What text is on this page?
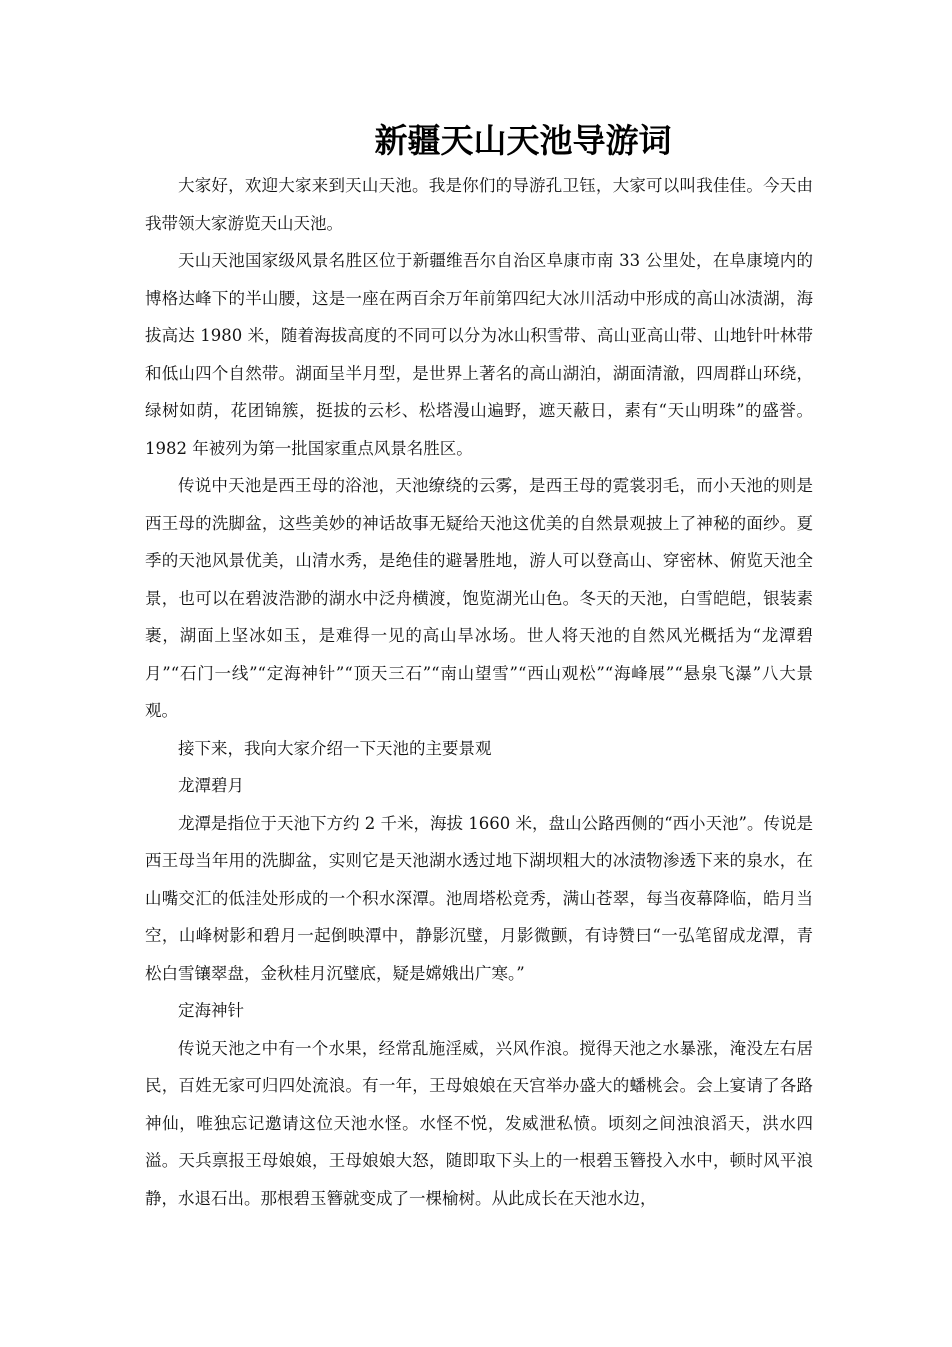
新疆天山天池导游词

大家好，欢迎大家来到天山天池。我是你们的导游孔卫钰，大家可以叫我佳佳。今天由我带领大家游览天山天池。

天山天池国家级风景名胜区位于新疆维吾尔自治区阜康市南 33 公里处，在阜康境内的博格达峰下的半山腰，这是一座在两百余万年前第四纪大冰川活动中形成的高山冰渍湖，海拔高达 1980 米，随着海拔高度的不同可以分为冰山积雪带、高山亚高山带、山地针叶林带和低山四个自然带。湖面呈半月型，是世界上著名的高山湖泊，湖面清澈，四周群山环绕，绿树如荫，花团锦簇，挺拔的云杉、松塔漫山遍野，遮天蔽日，素有“天山明珠”的盛誉。1982 年被列为第一批国家重点风景名胜区。

传说中天池是西王母的浴池，天池缭绕的云雾，是西王母的霓裳羽毛，而小天池的则是西王母的洗脚盆，这些美妙的神话故事无疑给天池这优美的自然景观披上了神秘的面纱。夏季的天池风景优美，山清水秀，是绝佳的避暑胜地，游人可以登高山、穿密林、俯览天池全景，也可以在碧波浩渺的湖水中泛舟横渡，饱览湖光山色。冬天的天池，白雪皑皑，银装素裹，湖面上坚冰如玉，是难得一见的高山旱冰场。世人将天池的自然风光概括为“龙潭碧月”“石门一线”“定海神针”“顶天三石”“南山望雪”“西山观松”“海峰展”“悬泉飞瀑”八大景观。

接下来，我向大家介绍一下天池的主要景观

龙潭碧月

龙潭是指位于天池下方约 2 千米，海拔 1660 米，盘山公路西侧的“西小天池”。传说是西王母当年用的洗脚盆，实则它是天池湖水透过地下湖坝粗大的冰渍物渗透下来的泉水，在山嘴交汇的低洼处形成的一个积水深潭。池周塔松竞秀，满山苍翠，每当夜幕降临，皓月当空，山峰树影和碧月一起倒映潭中，静影沉璧，月影微颤，有诗赞曰“一弘笔留成龙潭，青松白雪镶翠盘，金秋桂月沉璧底，疑是嫦娥出广寒。”

定海神针

传说天池之中有一个水果，经常乱施淫威，兴风作浪。搅得天池之水暴涨，淹没左右居民，百姓无家可归四处流浪。有一年，王母娘娘在天宫举办盛大的蟠桃会。会上宴请了各路神仙，唯独忘记邀请这位天池水怪。水怪不悦，发威泄私愤。顷刻之间浊浪滔天，洪水四溢。天兵禀报王母娘娘，王母娘娘大怒，随即取下头上的一根碧玉簪投入水中，顿时风平浪静，水退石出。那根碧玉簪就变成了一棵榆树。从此成长在天池水边，
